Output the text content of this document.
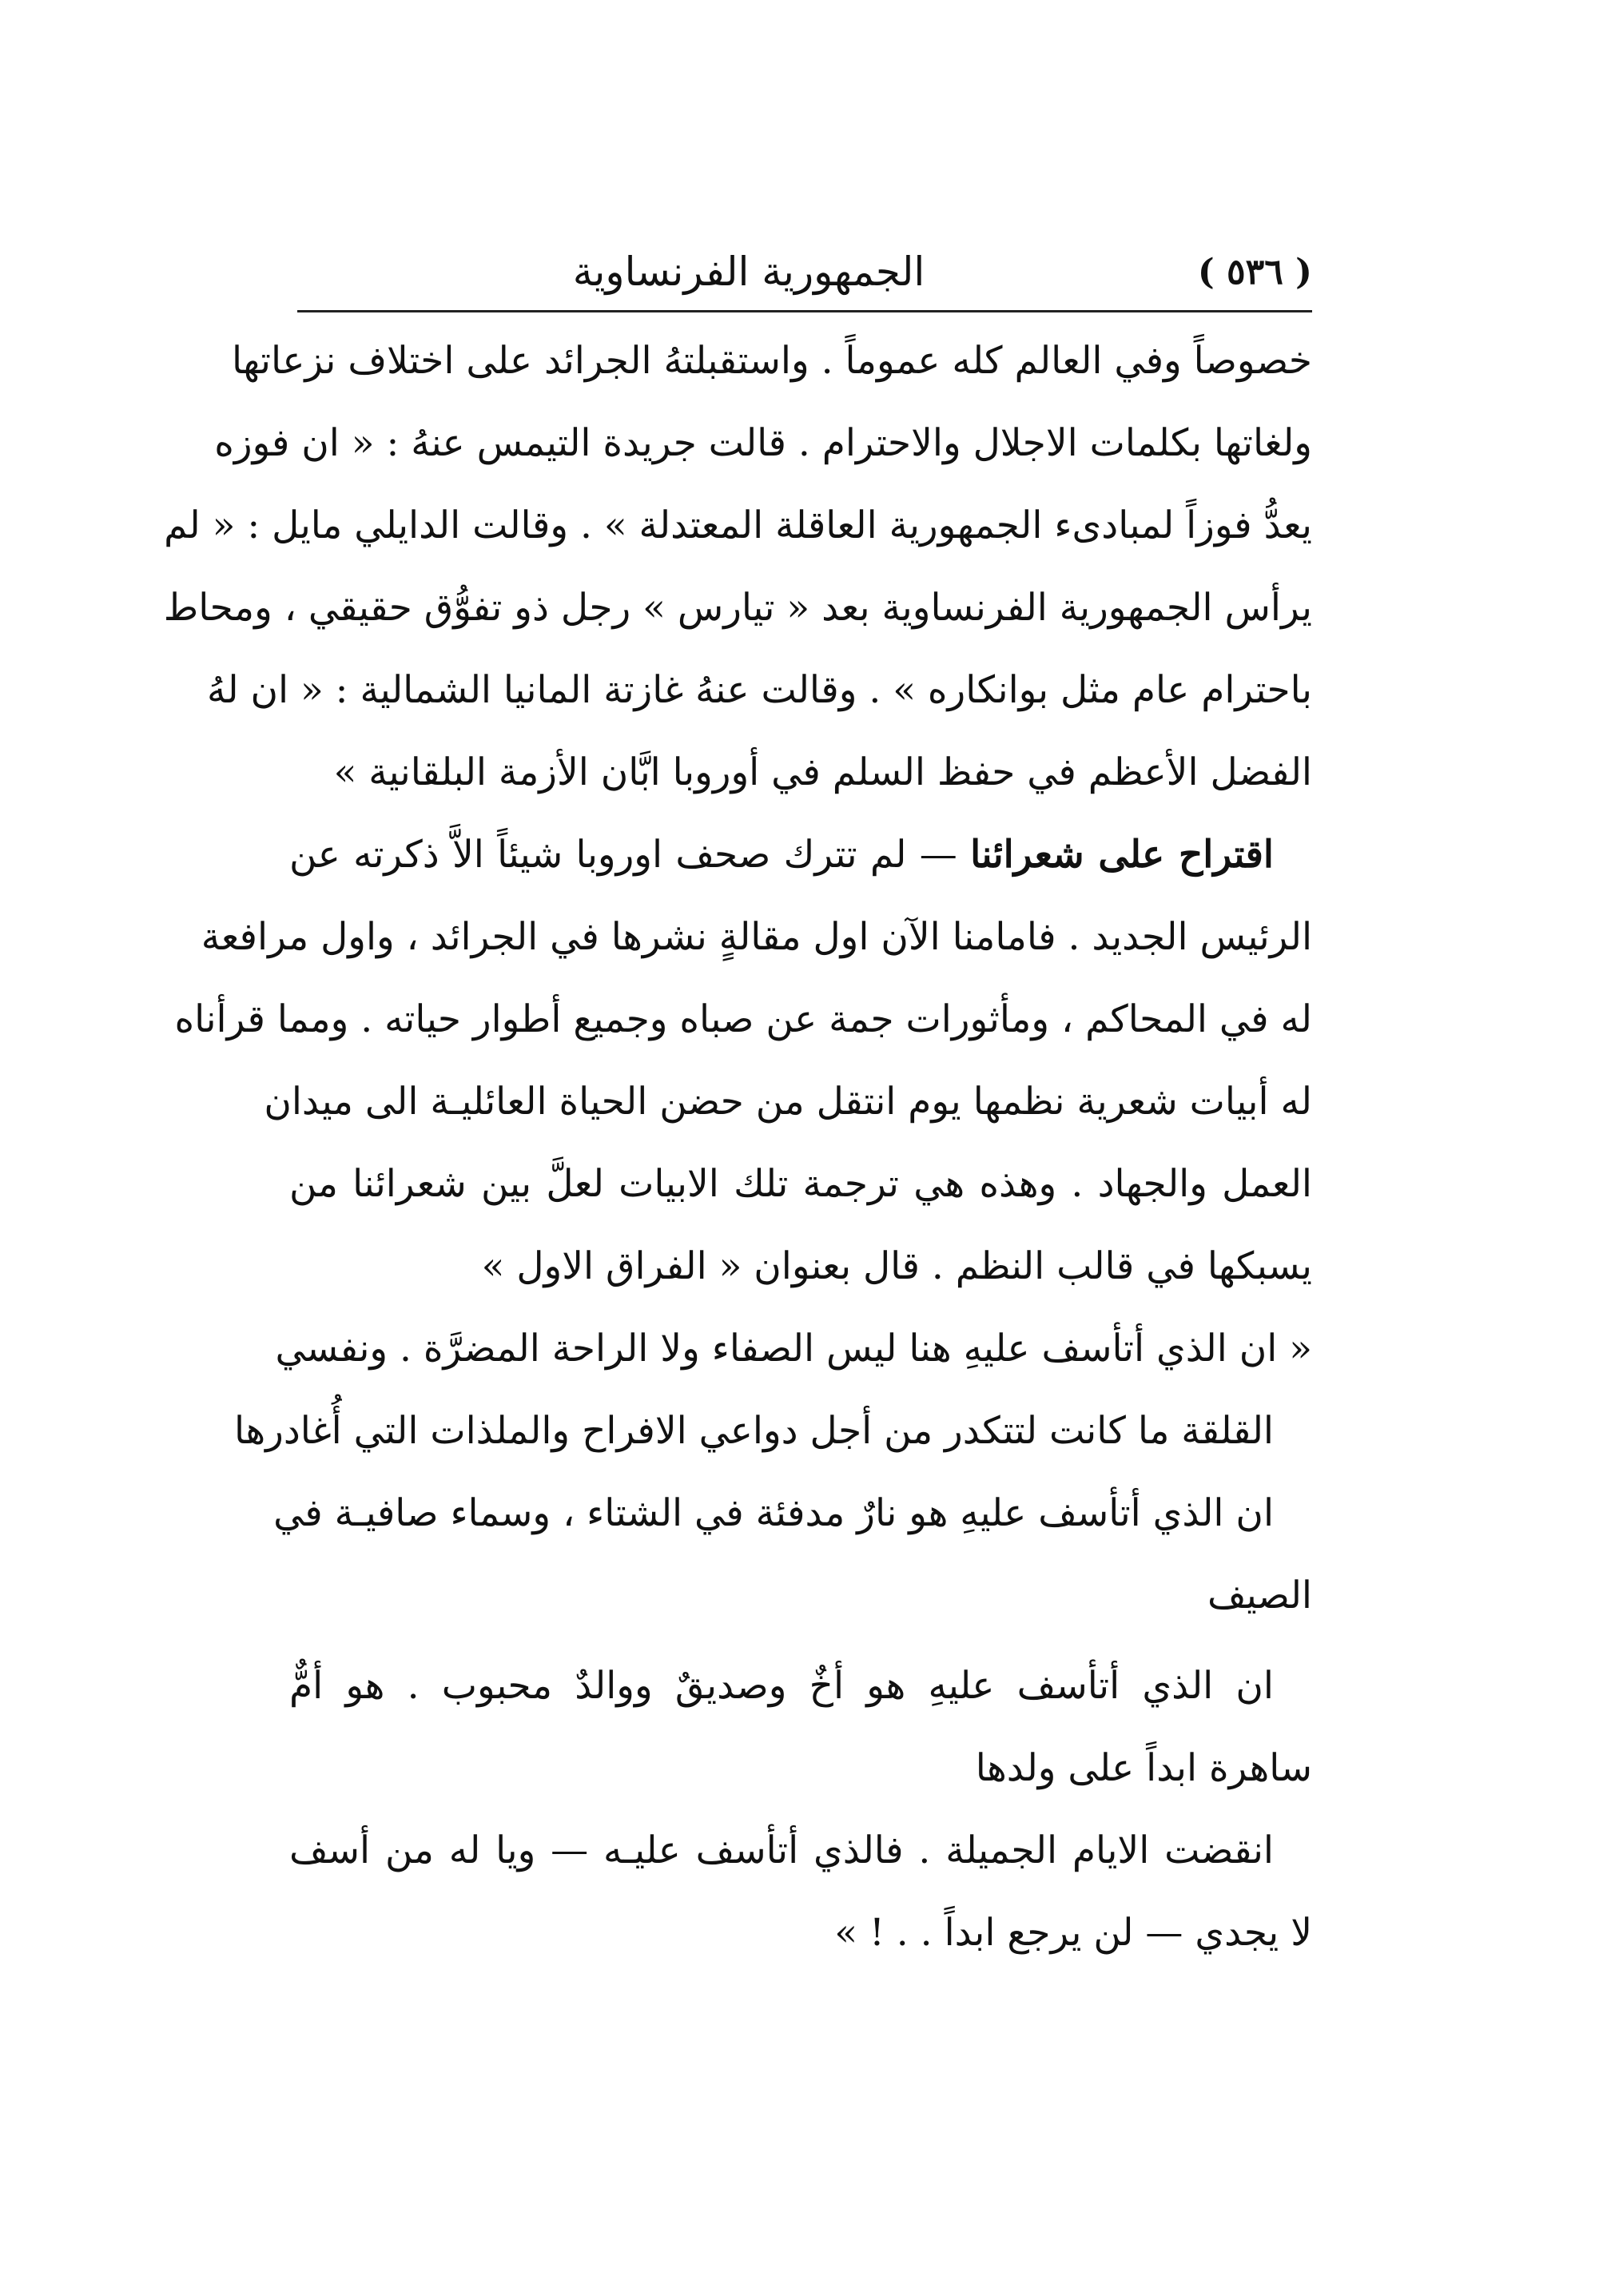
( ٥٣٦ )
الجمهورية الفرنساوية
خصوصاً وفي العالم كله عموماً . واستقبلتهُ الجرائد على اختلاف نزعاتها
ولغاتها بكلمات الاجلال والاحترام . قالت جريدة التيمس عنهُ : « ان فوزه
يعدُّ فوزاً لمبادىء الجمهورية العاقلة المعتدلة » . وقالت الدايلي مايل : « لم
يرأس الجمهورية الفرنساوية بعد « تيارس » رجل ذو تفوُّق حقيقي ، ومحاط
باحترام عام مثل بوانكاره » . وقالت عنهُ غازتة المانيا الشمالية : « ان لهُ
الفضل الأعظم في حفظ السلم في أوروبا ابَّان الأزمة البلقانية »
اقتراح على شعرائنا — لم تترك صحف اوروبا شيئاً الاَّ ذكرته عن
الرئيس الجديد . فامامنا الآن اول مقالةٍ نشرها في الجرائد ، واول مرافعة
له في المحاكم ، ومأثورات جمة عن صباه وجميع أطوار حياته . ومما قرأناه
له أبيات شعرية نظمها يوم انتقل من حضن الحياة العائليـة الى ميدان
العمل والجهاد . وهذه هي ترجمة تلك الابيات لعلَّ بين شعرائنا من
يسبكها في قالب النظم . قال بعنوان « الفراق الاول »
« ان الذي أتأسف عليهِ هنا ليس الصفاء ولا الراحة المضرَّة . ونفسي
القلقة ما كانت لتتكدر من أجل دواعي الافراح والملذات التي أُغادرها
ان الذي أتأسف عليهِ هو نارٌ مدفئة في الشتاء ، وسماء صافيـة في
الصيف
ان الذي أتأسف عليهِ هو أخٌ وصديقٌ ووالدٌ محبوب . هو أمٌّ
ساهرة ابداً على ولدها
انقضت الايام الجميلة . فالذي أتأسف عليـه — ويا له من أسف
لا يجدي — لن يرجع ابداً . . ! »
